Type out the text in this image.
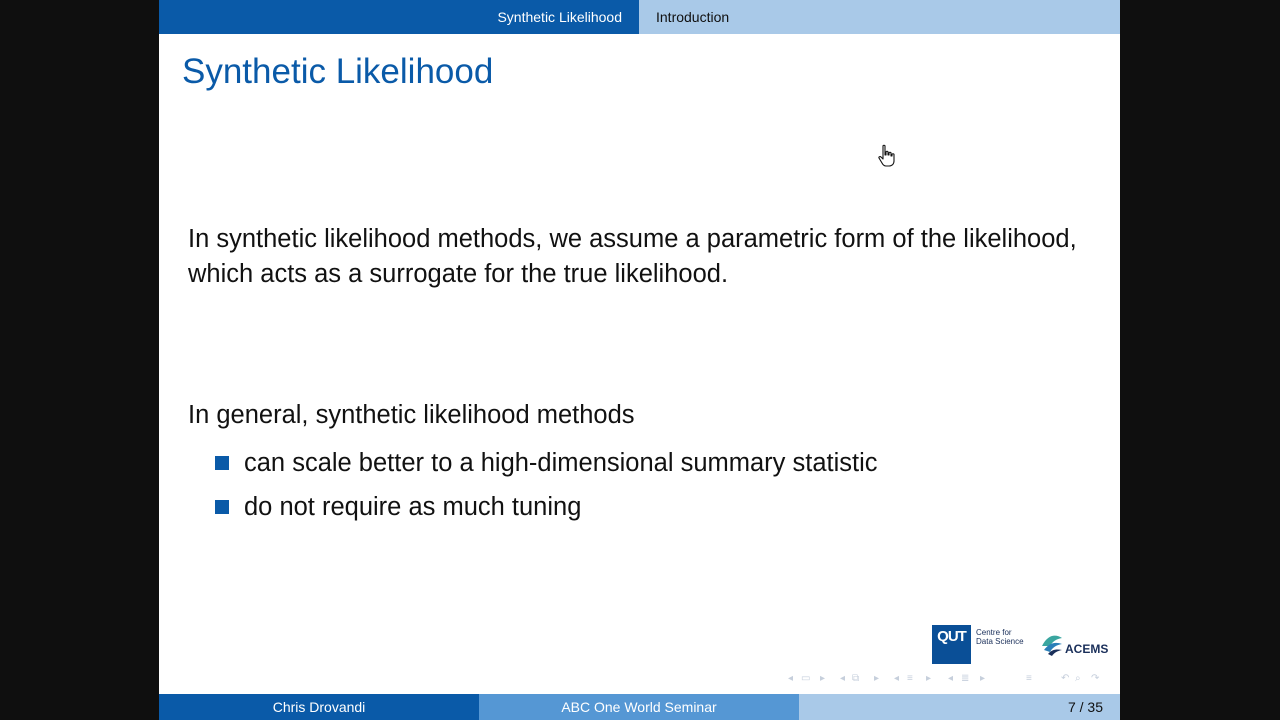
Synthetic Likelihood Introduction
Synthetic Likelihood

In synthetic likelihood methods, we assume a parametric form of the likelihood, which acts as a surrogate for the true likelihood.

In general, synthetic likelihood methods

can scale better to a high-dimensional summary statistic
do not require as much tuning
QUT	Centre for
Data Science
ACEMS
◂ ▭ ▸ ◂ ⧉ ▸ ◂ ≡ ▸ ◂ ≣ ▸	≡	↶ ⌕ ↷
Chris Drovandi	ABC One World Seminar	7 / 35
